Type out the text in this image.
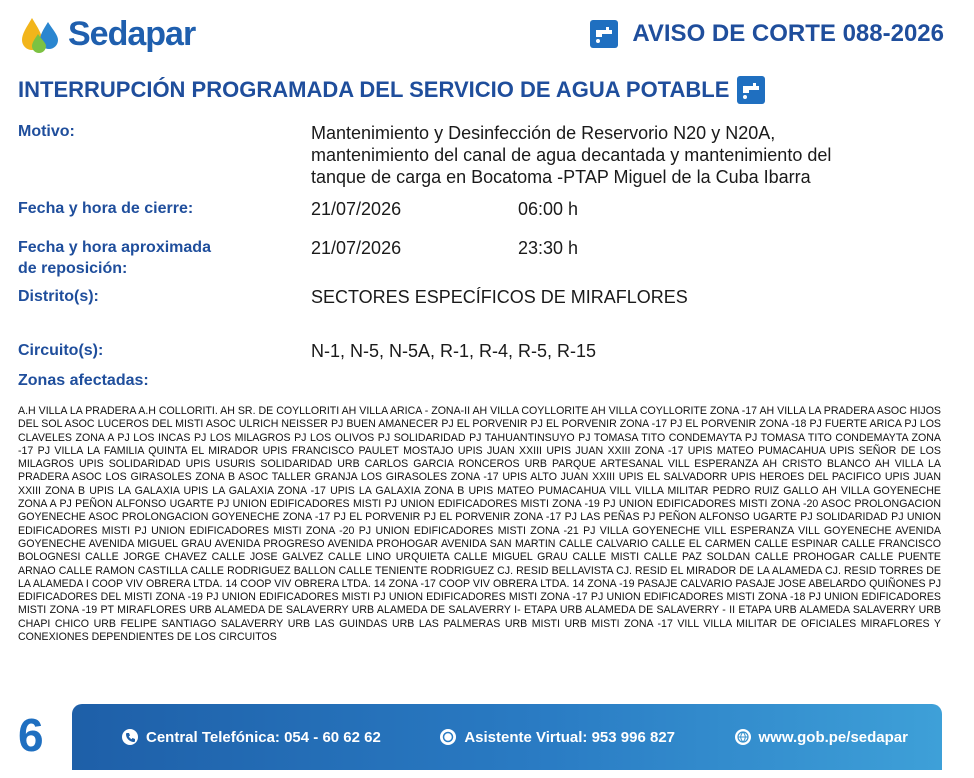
Sedapar	AVISO DE CORTE 088-2026
INTERRUPCIÓN PROGRAMADA DEL SERVICIO DE AGUA POTABLE
Motivo:	Mantenimiento y Desinfección de Reservorio N20 y N20A,
mantenimiento del canal de agua decantada y mantenimiento del
tanque de carga en Bocatoma -PTAP Miguel de la Cuba Ibarra
Fecha y hora de cierre:	21/07/2026	06:00 h
Fecha y hora aproximada
de reposición:
21/07/2026	23:30 h
Distrito(s):	SECTORES ESPECÍFICOS DE MIRAFLORES
Circuito(s):	N-1, N-5, N-5A, R-1, R-4, R-5, R-15
Zonas afectadas:
A.H VILLA LA PRADERA A.H COLLORITI. AH SR. DE COYLLORITI AH VILLA ARICA - ZONA-II AH VILLA COYLLORITE AH VILLA COYLLORITE ZONA -17 AH VILLA LA PRADERA ASOC HIJOS DEL SOL ASOC LUCEROS DEL MISTI ASOC ULRICH NEISSER PJ BUEN AMANECER PJ EL PORVENIR PJ EL PORVENIR ZONA -17 PJ EL PORVENIR ZONA -18 PJ FUERTE ARICA PJ LOS CLAVELES ZONA A PJ LOS INCAS PJ LOS MILAGROS PJ LOS OLIVOS PJ SOLIDARIDAD PJ TAHUANTINSUYO PJ TOMASA TITO CONDEMAYTA PJ TOMASA TITO CONDEMAYTA ZONA -17 PJ VILLA LA FAMILIA QUINTA EL MIRADOR UPIS FRANCISCO PAULET MOSTAJO UPIS JUAN XXIII UPIS JUAN XXIII ZONA -17 UPIS MATEO PUMACAHUA UPIS SEÑOR DE LOS MILAGROS UPIS SOLIDARIDAD UPIS USURIS SOLIDARIDAD URB CARLOS GARCIA RONCEROS URB PARQUE ARTESANAL VILL ESPERANZA AH CRISTO BLANCO AH VILLA LA PRADERA ASOC LOS GIRASOLES ZONA B ASOC TALLER GRANJA LOS GIRASOLES ZONA -17 UPIS ALTO JUAN XXIII UPIS EL SALVADORR UPIS HEROES DEL PACIFICO UPIS JUAN XXIII ZONA B UPIS LA GALAXIA UPIS LA GALAXIA ZONA -17 UPIS LA GALAXIA ZONA B UPIS MATEO PUMACAHUA VILL VILLA MILITAR PEDRO RUIZ GALLO AH VILLA GOYENECHE ZONA A PJ PEÑON ALFONSO UGARTE PJ UNION EDIFICADORES MISTI PJ UNION EDIFICADORES MISTI ZONA -19 PJ UNION EDIFICADORES MISTI ZONA -20 ASOC PROLONGACION GOYENECHE ASOC PROLONGACION GOYENECHE ZONA -17 PJ EL PORVENIR PJ EL PORVENIR ZONA -17 PJ LAS PEÑAS PJ PEÑON ALFONSO UGARTE PJ SOLIDARIDAD PJ UNION EDIFICADORES MISTI PJ UNION EDIFICADORES MISTI ZONA -20 PJ UNION EDIFICADORES MISTI ZONA -21 PJ VILLA GOYENECHE VILL ESPERANZA VILL GOYENECHE AVENIDA GOYENECHE AVENIDA MIGUEL GRAU AVENIDA PROGRESO AVENIDA PROHOGAR AVENIDA SAN MARTIN CALLE CALVARIO CALLE EL CARMEN CALLE ESPINAR CALLE FRANCISCO BOLOGNESI CALLE JORGE CHAVEZ CALLE JOSE GALVEZ CALLE LINO URQUIETA CALLE MIGUEL GRAU CALLE MISTI CALLE PAZ SOLDAN CALLE PROHOGAR CALLE PUENTE ARNAO CALLE RAMON CASTILLA CALLE RODRIGUEZ BALLON CALLE TENIENTE RODRIGUEZ CJ. RESID BELLAVISTA CJ. RESID EL MIRADOR DE LA ALAMEDA CJ. RESID TORRES DE LA ALAMEDA I COOP VIV OBRERA LTDA. 14 COOP VIV OBRERA LTDA. 14 ZONA -17 COOP VIV OBRERA LTDA. 14 ZONA -19 PASAJE CALVARIO PASAJE JOSE ABELARDO QUIÑONES PJ EDIFICADORES DEL MISTI ZONA -19 PJ UNION EDIFICADORES MISTI PJ UNION EDIFICADORES MISTI ZONA -17 PJ UNION EDIFICADORES MISTI ZONA -18 PJ UNION EDIFICADORES MISTI ZONA -19 PT MIRAFLORES URB ALAMEDA DE SALAVERRY URB ALAMEDA DE SALAVERRY I- ETAPA URB ALAMEDA DE SALAVERRY - II ETAPA URB ALAMEDA SALAVERRY URB CHAPI CHICO URB FELIPE SANTIAGO SALAVERRY URB LAS GUINDAS URB LAS PALMERAS URB MISTI URB MISTI ZONA -17 VILL VILLA MILITAR DE OFICIALES MIRAFLORES Y CONEXIONES DEPENDIENTES DE LOS CIRCUITOS
6	Central Telefónica: 054 - 60 62 62	Asistente Virtual: 953 996 827	www.gob.pe/sedapar
